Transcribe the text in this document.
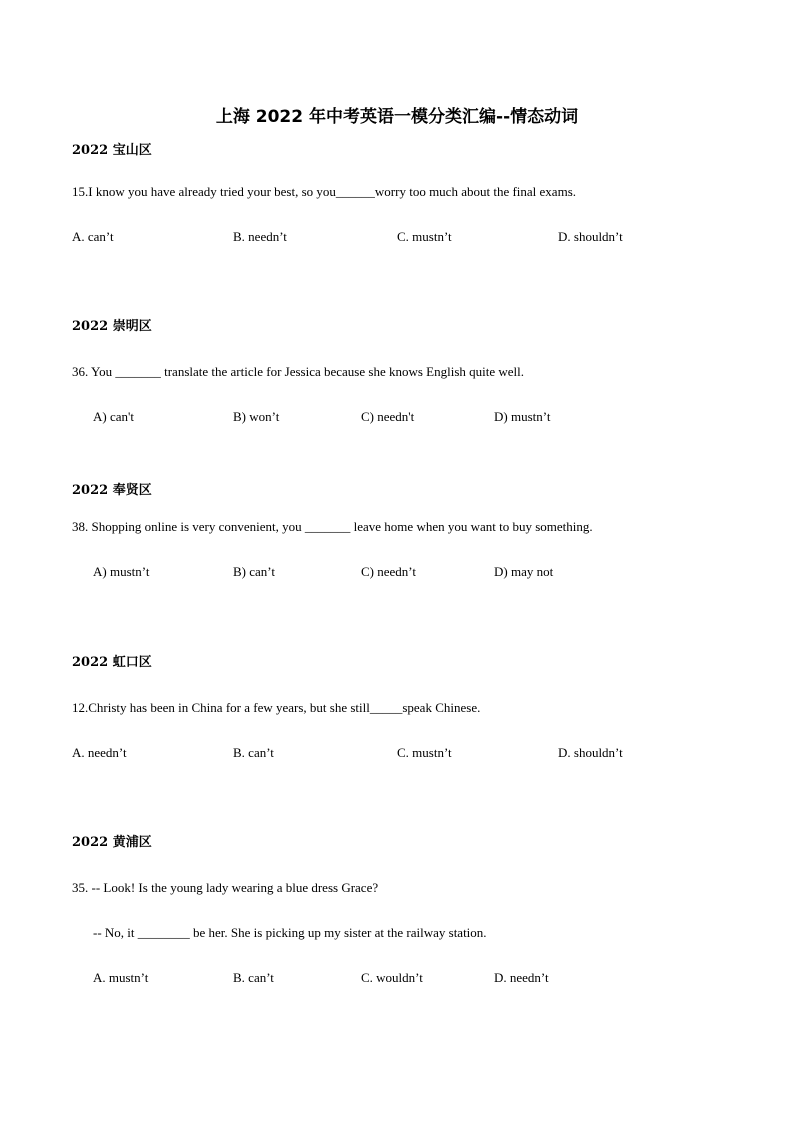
上海 2022 年中考英语一模分类汇编--情态动词
2022 宝山区
15.I know you have already tried your best, so you______worry too much about the final exams.
A. can’t	B. needn’t	C. mustn’t	D. shouldn’t
2022 崇明区
36. You _______ translate the article for Jessica because she knows English quite well.
A) can't	B) won’t	C) needn't	D) mustn’t
2022 奉贤区
38. Shopping online is very convenient, you _______ leave home when you want to buy something.
A) mustn’t	B) can’t	C) needn’t	D) may not
2022 虹口区
12.Christy has been in China for a few years, but she still_____speak Chinese.
A. needn’t	B. can’t	C. mustn’t	D. shouldn’t
2022 黄浦区
35. -- Look! Is the young lady wearing a blue dress Grace?
-- No, it ________ be her. She is picking up my sister at the railway station.
A. mustn’t	B. can’t	C. wouldn’t	D. needn’t
